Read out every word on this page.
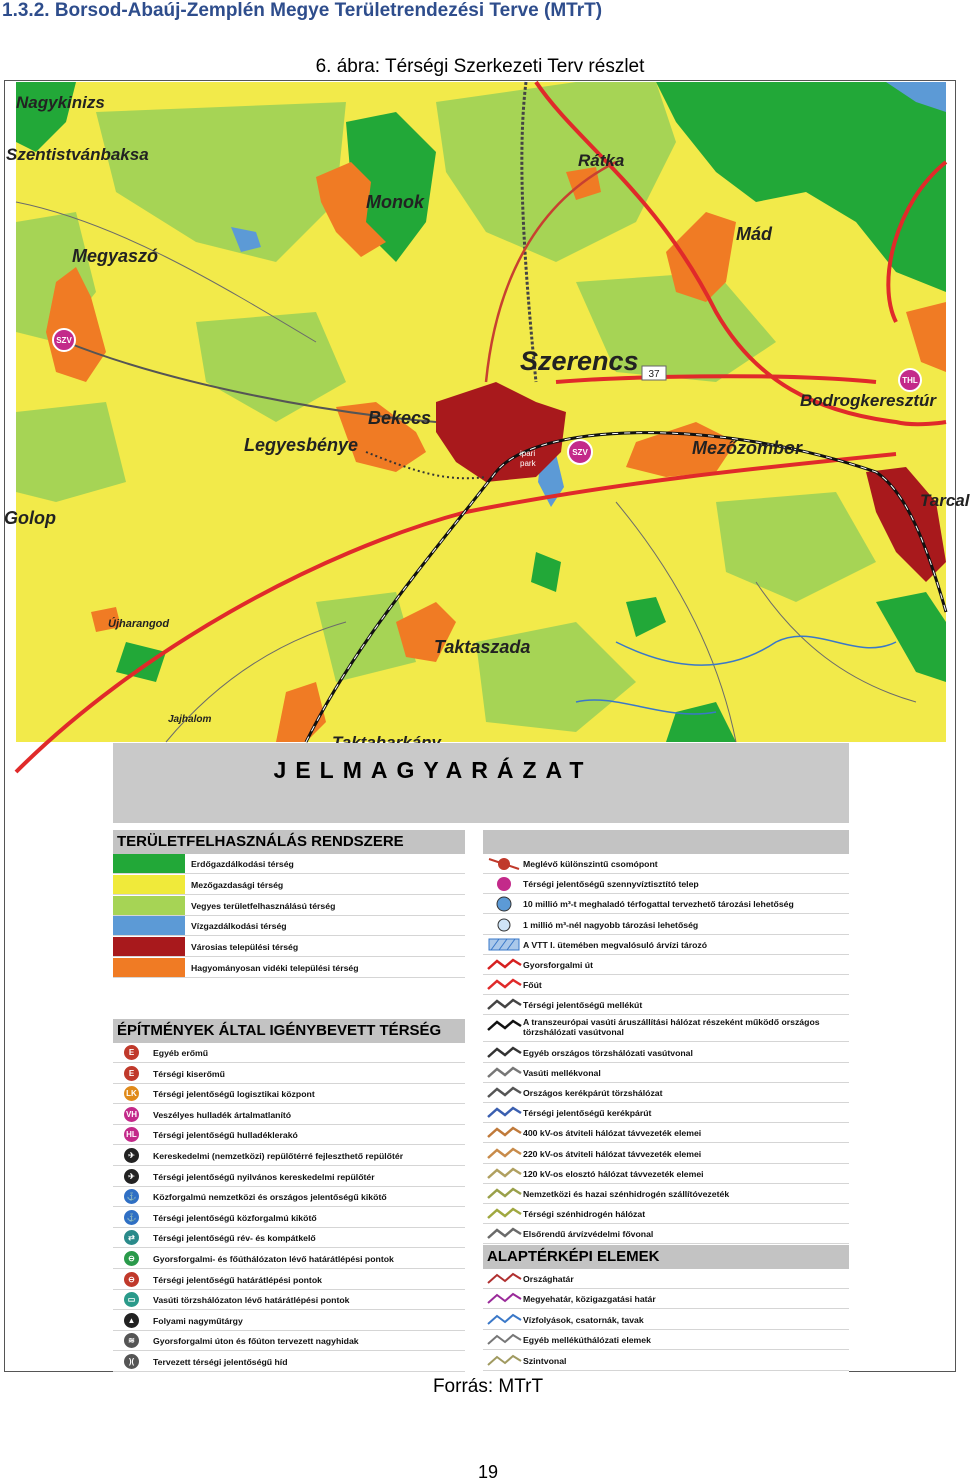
1.3.2. Borsod-Abaúj-Zemplén Megye Területrendezési Terve (MTrT)
6. ábra: Térségi Szerkezeti Terv részlet
SZV
SZV
THL
37
ipari
park
Nagykinizs
Szentistvánbaksa
Monok
Rátka
Mád
Megyaszó
Szerencs
Bekecs
Legyesbénye	Mezőzombor
Bodrogkeresztúr
Tarcal
Golop
Újharangod
Taktaszada
Jajhalom
JELMAGYARÁZAT
TERÜLETFELHASZNÁLÁS RENDSZERE
Erdőgazdálkodási térség
Mezőgazdasági térség
Vegyes területfelhasználású térség
Vízgazdálkodási térség
Városias települési térség
Hagyományosan vidéki települési térség
ÉPÍTMÉNYEK ÁLTAL IGÉNYBEVETT TÉRSÉG
E	Egyéb erőmű
E	Térségi kiserőmű
LK Térségi jelentőségű logisztikai központ
VH Veszélyes hulladék ártalmatlanító
HL Térségi jelentőségű hulladéklerakó
✈	Kereskedelmi (nemzetközi) repülőtérré fejleszthető repülőtér
✈	Térségi jelentőségű nyilvános kereskedelmi repülőtér
⚓ Közforgalmú nemzetközi és országos jelentőségű kikötő
⚓ Térségi jelentőségű közforgalmú kikötő
⇄	Térségi jelentőségű rév- és kompátkelő
⊖	Gyorsforgalmi- és főúthálózaton lévő határátlépési pontok
⊖	Térségi jelentőségű határátlépési pontok
▭	Vasúti törzshálózaton lévő határátlépési pontok
▲	Folyami nagyműtárgy
≋	Gyorsforgalmi úton és főúton tervezett nagyhidak
)(	Tervezett térségi jelentőségű híd
Meglévő különszintű csomópont
Térségi jelentőségű szennyvíztisztító telep
10 millió m³-t meghaladó térfogattal tervezhető tározási lehetőség
1 millió m³-nél nagyobb tározási lehetőség
A VTT I. ütemében megvalósuló árvízi tározó
Gyorsforgalmi út
Főút
Térségi jelentőségű mellékút
A transzeurópai vasúti áruszállítási hálózat részeként működő országos törzshálózati vasútvonal
Egyéb országos törzshálózati vasútvonal
Vasúti mellékvonal
Országos kerékpárút törzshálózat
Térségi jelentőségű kerékpárút
400 kV-os átviteli hálózat távvezeték elemei
220 kV-os átviteli hálózat távvezeték elemei
120 kV-os elosztó hálózat távvezeték elemei
Nemzetközi és hazai szénhidrogén szállítóvezeték
Térségi szénhidrogén hálózat
Elsőrendű árvízvédelmi fővonal
ALAPTÉRKÉPI ELEMEK
Országhatár
Megyehatár, közigazgatási határ
Vízfolyások, csatornák, tavak
Egyéb mellékúthálózati elemek
Szintvonal
Forrás: MTrT
19
